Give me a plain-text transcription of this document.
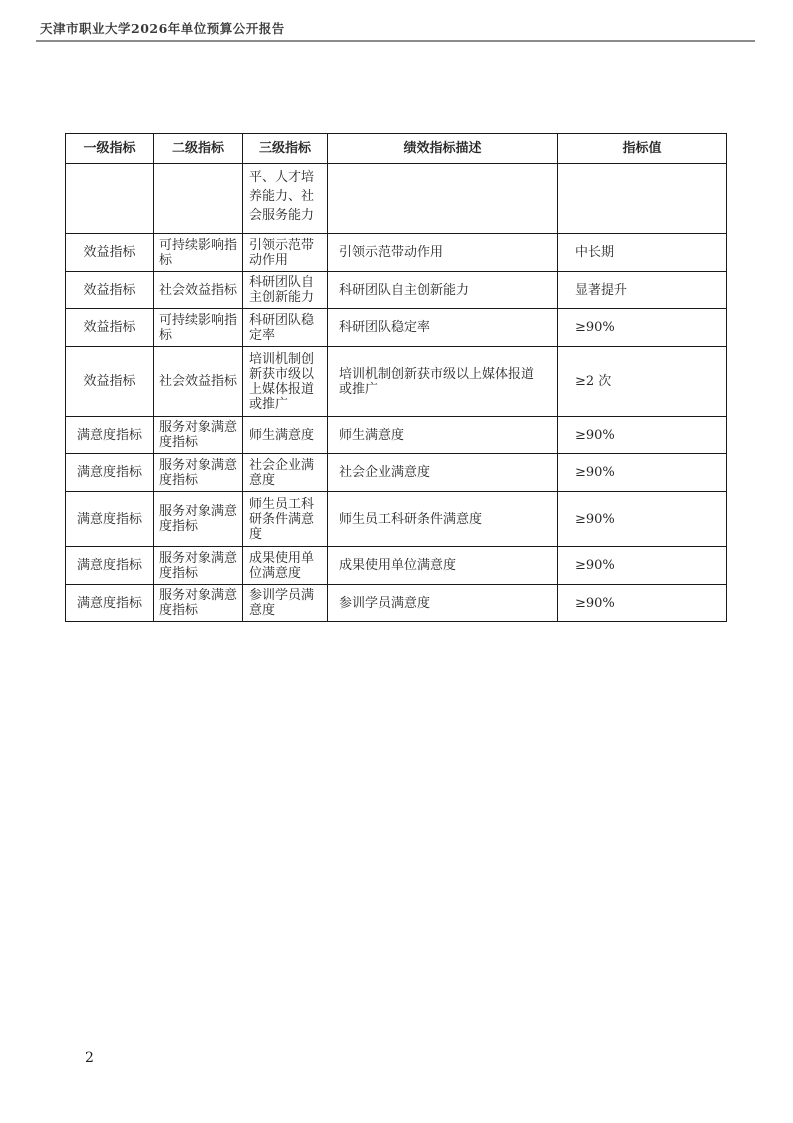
天津市职业大学2026年单位预算公开报告
一级指标	二级指标	三级指标	绩效指标描述	指标值
		平、人才培养能力、社会服务能力		
效益指标	可持续影响指标	引领示范带动作用	引领示范带动作用	中长期
效益指标	社会效益指标	科研团队自主创新能力	科研团队自主创新能力	显著提升
效益指标	可持续影响指标	科研团队稳定率	科研团队稳定率	≥90%
效益指标	社会效益指标	培训机制创新获市级以上媒体报道或推广	培训机制创新获市级以上媒体报道或推广	≥2 次
满意度指标	服务对象满意度指标	师生满意度	师生满意度	≥90%
满意度指标	服务对象满意度指标	社会企业满意度	社会企业满意度	≥90%
满意度指标	服务对象满意度指标	师生员工科研条件满意度	师生员工科研条件满意度	≥90%
满意度指标	服务对象满意度指标	成果使用单位满意度	成果使用单位满意度	≥90%
满意度指标	服务对象满意度指标	参训学员满意度	参训学员满意度	≥90%
2
